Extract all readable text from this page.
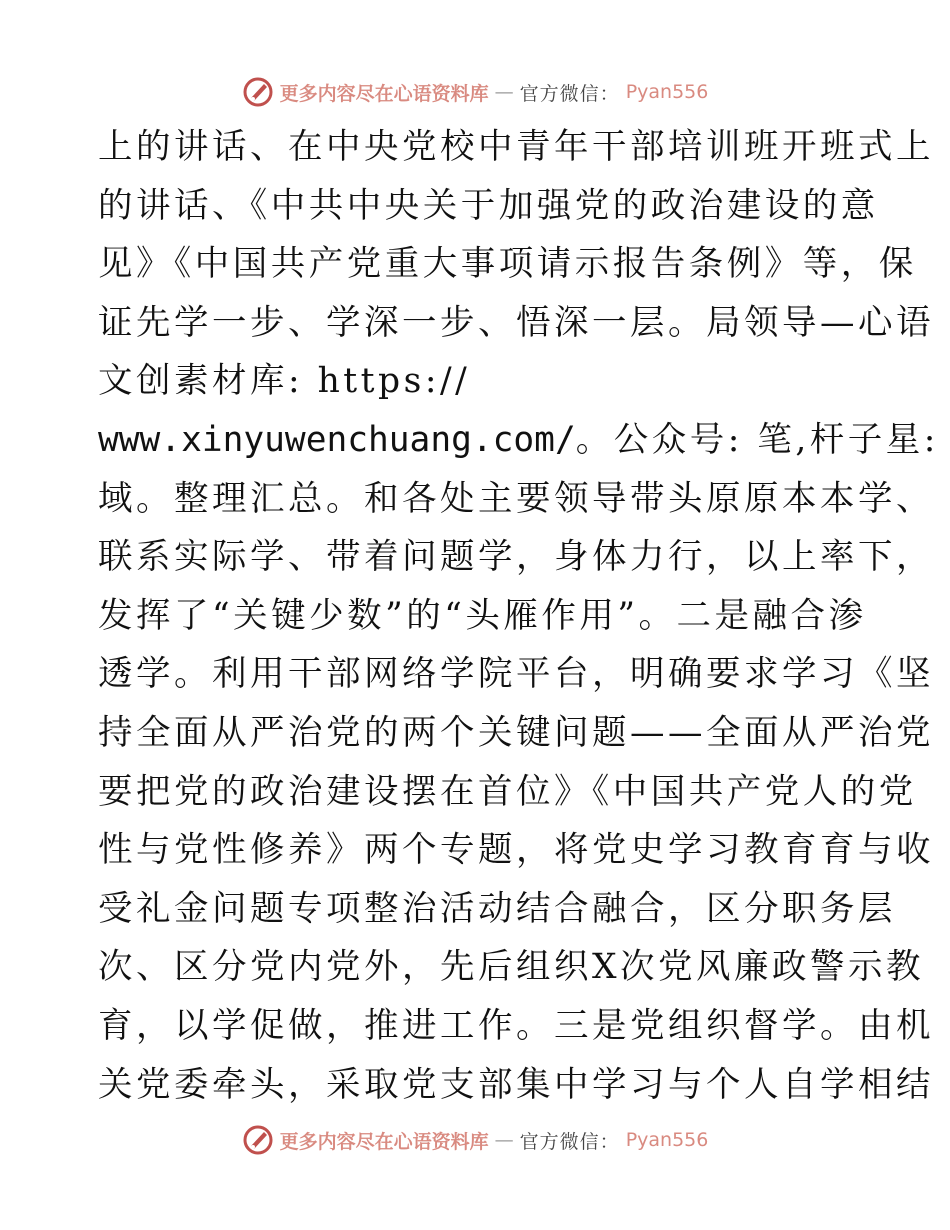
更多内容尽在心语资料库 — 官方微信： Pyan556
上的讲话、在中央党校中青年干部培训班开班式上
的讲话、《中共中央关于加强党的政治建设的意
见》《中国共产党重大事项请示报告条例》等，保
证先学一步、学深一步、悟深一层。局领导—心语
文创素材库: https://
www.xinyuwenchuang.com/。公众号: 笔,杆子星:
域。整理汇总。和各处主要领导带头原原本本学、
联系实际学、带着问题学，身体力行，以上率下，
发挥了“关键少数”的“头雁作用”。二是融合渗
透学。利用干部网络学院平台，明确要求学习《坚
持全面从严治党的两个关键问题——全面从严治党
要把党的政治建设摆在首位》《中国共产党人的党
性与党性修养》两个专题，将党史学习教育育与收
受礼金问题专项整治活动结合融合，区分职务层
次、区分党内党外，先后组织X次党风廉政警示教
育，以学促做，推进工作。三是党组织督学。由机
关党委牵头，采取党支部集中学习与个人自学相结
更多内容尽在心语资料库 — 官方微信： Pyan556
